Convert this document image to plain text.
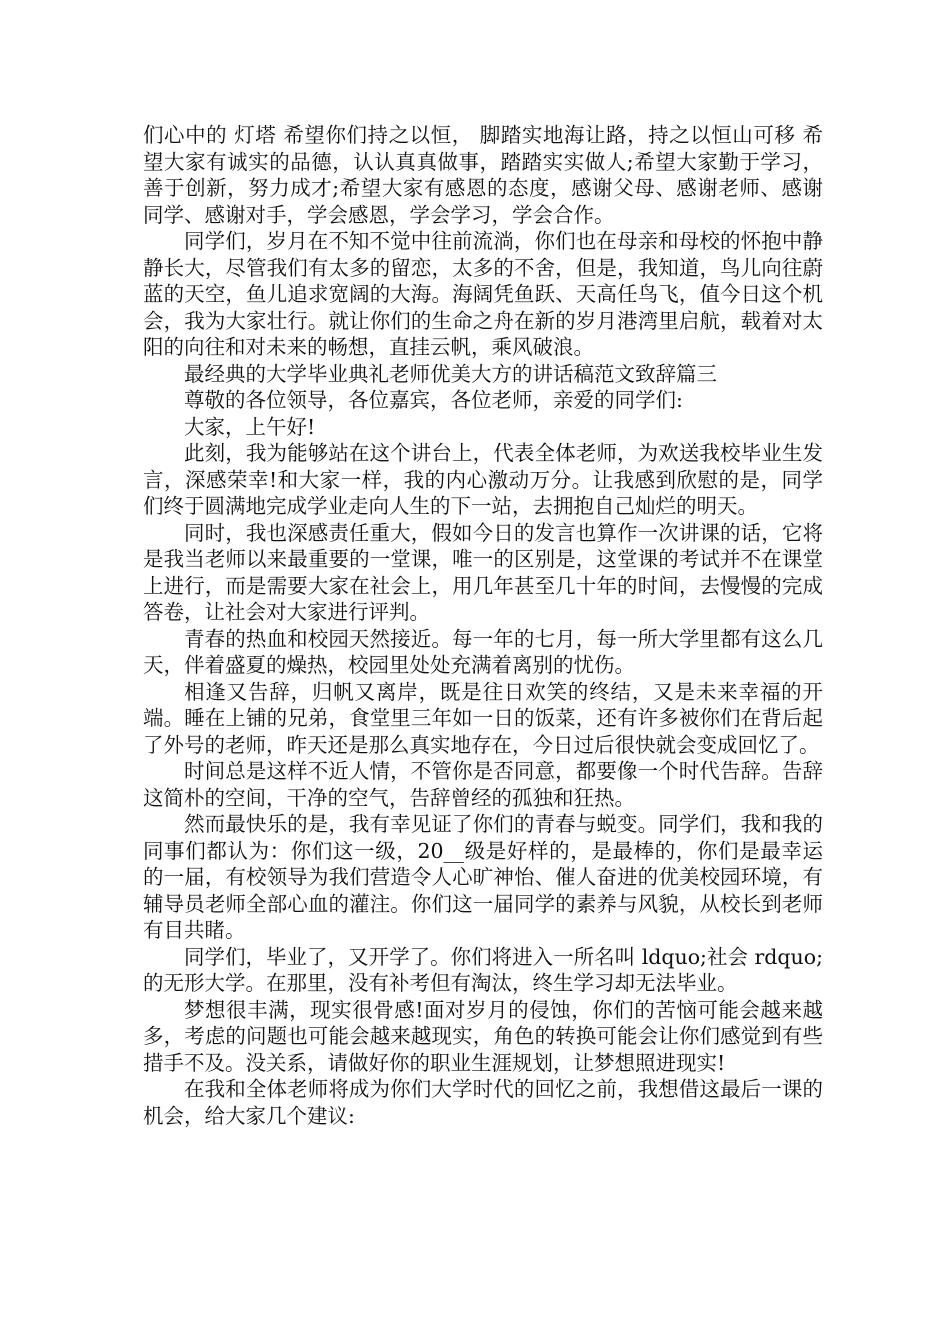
们心中的 灯塔 希望你们持之以恒， 脚踏实地海让路，持之以恒山可移 希望大家有诚实的品德，认认真真做事，踏踏实实做人;希望大家勤于学习，善于创新，努力成才;希望大家有感恩的态度，感谢父母、感谢老师、感谢同学、感谢对手，学会感恩，学会学习，学会合作。

同学们，岁月在不知不觉中往前流淌，你们也在母亲和母校的怀抱中静静长大，尽管我们有太多的留恋，太多的不舍，但是，我知道，鸟儿向往蔚蓝的天空，鱼儿追求宽阔的大海。海阔凭鱼跃、天高任鸟飞，值今日这个机会，我为大家壮行。就让你们的生命之舟在新的岁月港湾里启航，载着对太阳的向往和对未来的畅想，直挂云帆，乘风破浪。

最经典的大学毕业典礼老师优美大方的讲话稿范文致辞篇三

尊敬的各位领导，各位嘉宾，各位老师，亲爱的同学们:

大家，上午好!

此刻，我为能够站在这个讲台上，代表全体老师，为欢送我校毕业生发言，深感荣幸!和大家一样，我的内心激动万分。让我感到欣慰的是，同学们终于圆满地完成学业走向人生的下一站，去拥抱自己灿烂的明天。

同时，我也深感责任重大，假如今日的发言也算作一次讲课的话，它将是我当老师以来最重要的一堂课，唯一的区别是，这堂课的考试并不在课堂上进行，而是需要大家在社会上，用几年甚至几十年的时间，去慢慢的完成答卷，让社会对大家进行评判。

青春的热血和校园天然接近。每一年的七月，每一所大学里都有这么几天，伴着盛夏的燥热，校园里处处充满着离别的忧伤。

相逢又告辞，归帆又离岸，既是往日欢笑的终结，又是未来幸福的开端。睡在上铺的兄弟，食堂里三年如一日的饭菜，还有许多被你们在背后起了外号的老师，昨天还是那么真实地存在，今日过后很快就会变成回忆了。

时间总是这样不近人情，不管你是否同意，都要像一个时代告辞。告辞这简朴的空间，干净的空气，告辞曾经的孤独和狂热。

然而最快乐的是，我有幸见证了你们的青春与蜕变。同学们，我和我的同事们都认为：你们这一级，20__级是好样的，是最棒的，你们是最幸运的一届，有校领导为我们营造令人心旷神怡、催人奋进的优美校园环境，有辅导员老师全部心血的灌注。你们这一届同学的素养与风貌，从校长到老师有目共睹。

同学们，毕业了，又开学了。你们将进入一所名叫 ldquo;社会 rdquo;的无形大学。在那里，没有补考但有淘汰，终生学习却无法毕业。

梦想很丰满，现实很骨感!面对岁月的侵蚀，你们的苦恼可能会越来越多，考虑的问题也可能会越来越现实，角色的转换可能会让你们感觉到有些措手不及。没关系，请做好你的职业生涯规划，让梦想照进现实!

在我和全体老师将成为你们大学时代的回忆之前，我想借这最后一课的机会，给大家几个建议:
